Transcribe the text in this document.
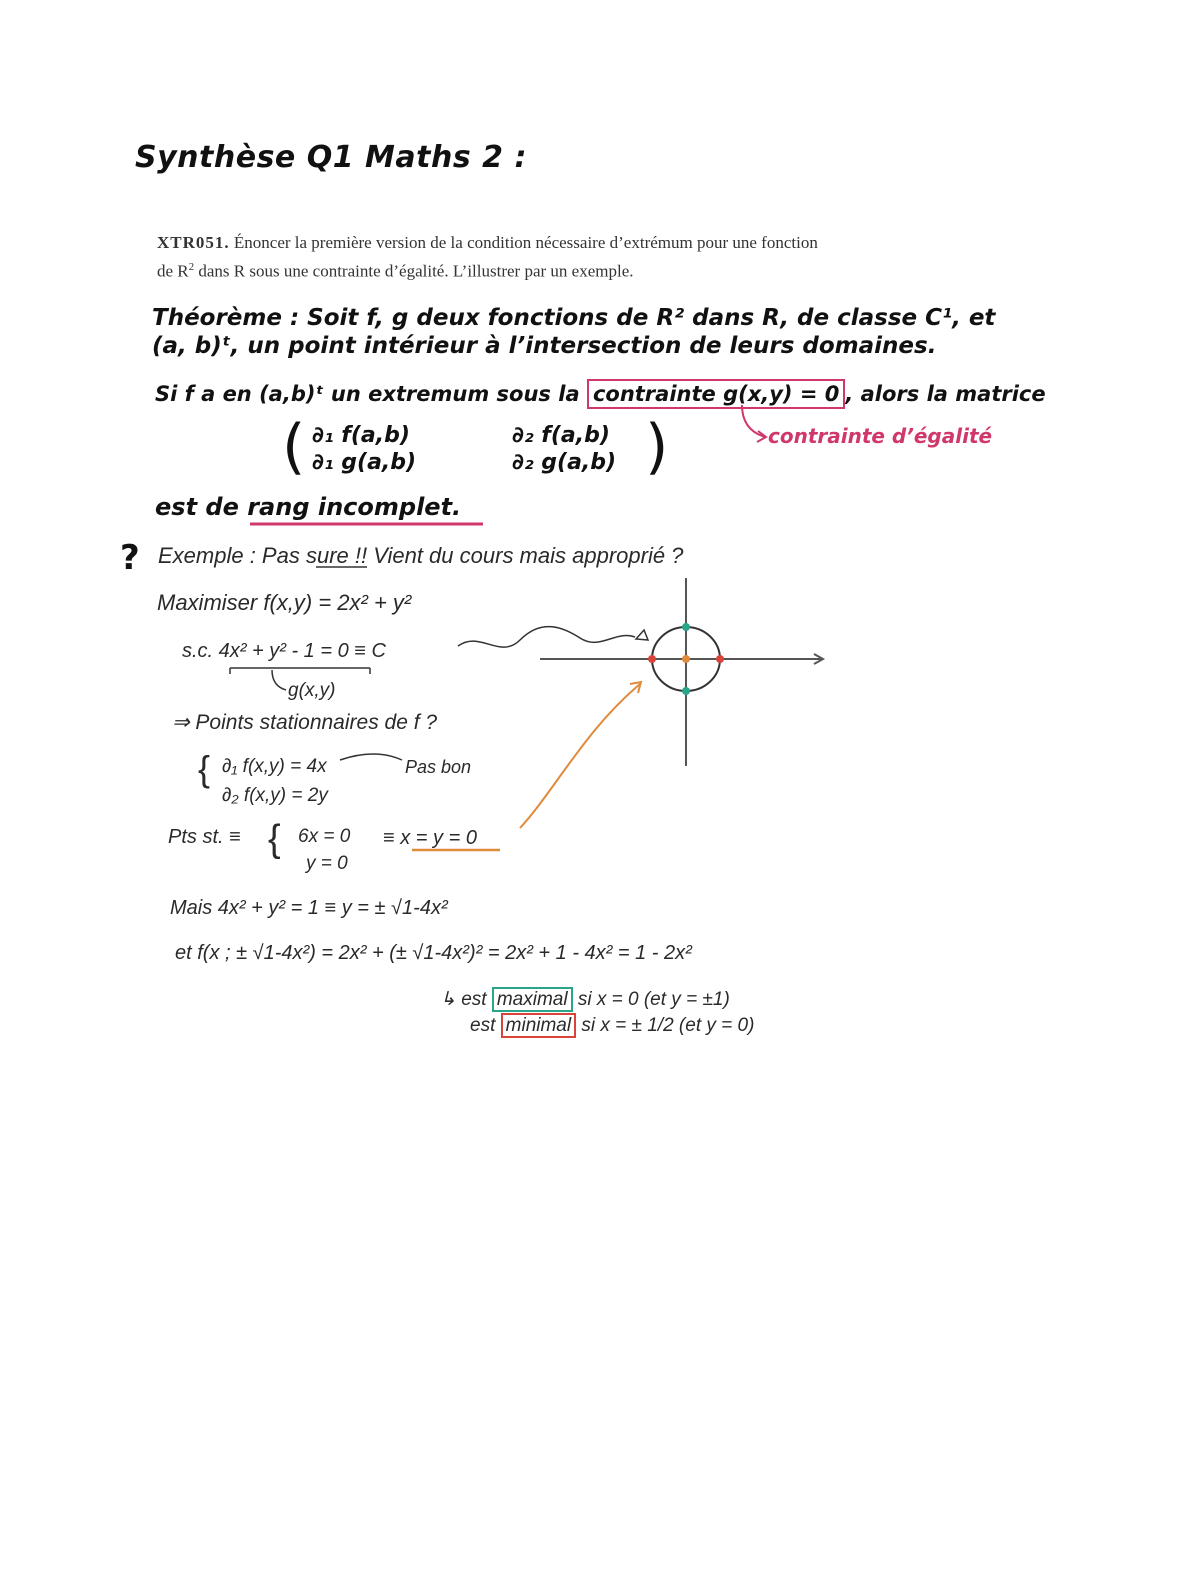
Synthèse Q1 Maths 2 :
XTR051. Énoncer la première version de la condition nécessaire d’extrémum pour une fonction
de $R^2$ dans R sous une contrainte d’égalité. L’illustrer par un exemple.
Théorème : Soit f, g deux fonctions de R² dans R, de classe C¹, et
(a, b)ᵗ, un point intérieur à l’intersection de leurs domaines.
Si f a en (a,b)ᵗ un extremum sous la contrainte g(x,y) = 0 , alors la matrice
contrainte d’égalité
(	)
∂₁ f(a,b)	∂₂ f(a,b)
∂₁ g(a,b)	∂₂ g(a,b)
est de rang incomplet.
? Exemple : Pas sure !! Vient du cours mais approprié ?
Maximiser f(x,y) = 2x² + y²
s.c. 4x² + y² - 1 = 0 ≡ C
g(x,y)
⇒ Points stationnaires de f ?
{ ∂₁ f(x,y) = 4x
∂₂ f(x,y) = 2y
Pas bon
Pts st. ≡ { 6x = 0
y = 0
≡ x = y = 0
Mais 4x² + y² = 1 ≡ y = ± √1-4x²
et f(x ; ± √1-4x²) = 2x² + (± √1-4x²)² = 2x² + 1 - 4x² = 1 - 2x²
↳ est maximal si x = 0 (et y = ±1)
est minimal si x = ± 1/2 (et y = 0)
